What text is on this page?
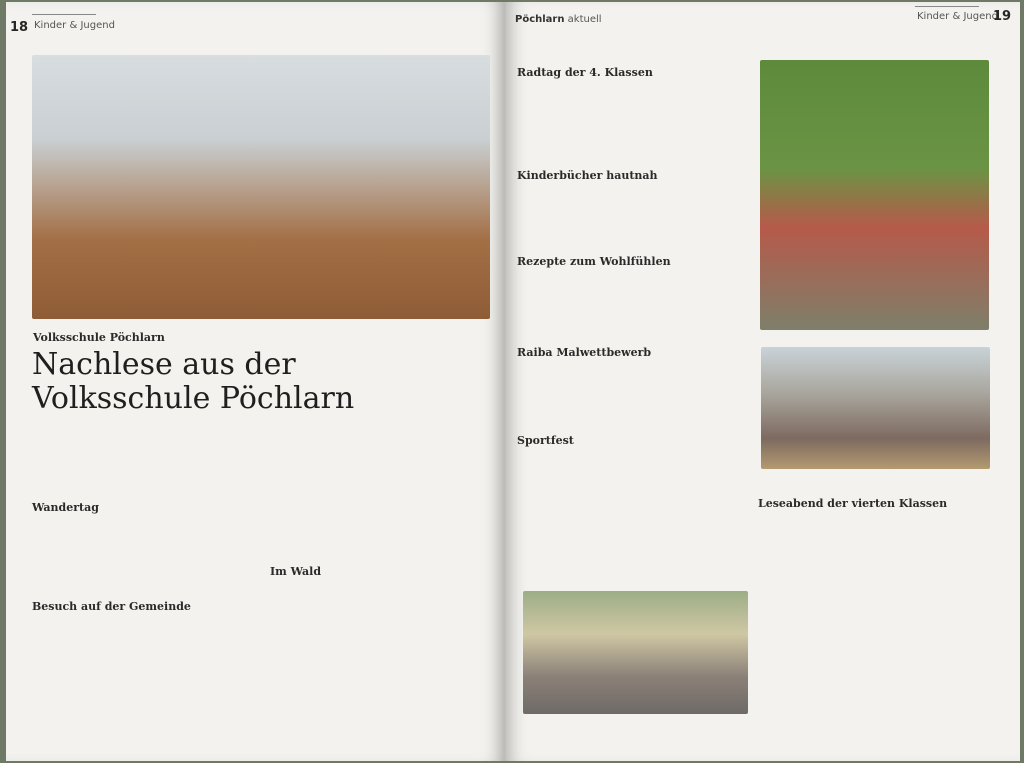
18 Kinder & Jugend
Volksschule Pöchlarn
Nachlese aus der
Volksschule Pöchlarn
Wandertag
Besuch auf der Gemeinde
Im Wald
Pöchlarn aktuell	Kinder & Jugend
19
Radtag der 4. Klassen
Kinderbücher hautnah
Rezepte zum Wohlfühlen
Raiba Malwettbewerb
Sportfest
Leseabend der vierten Klassen
